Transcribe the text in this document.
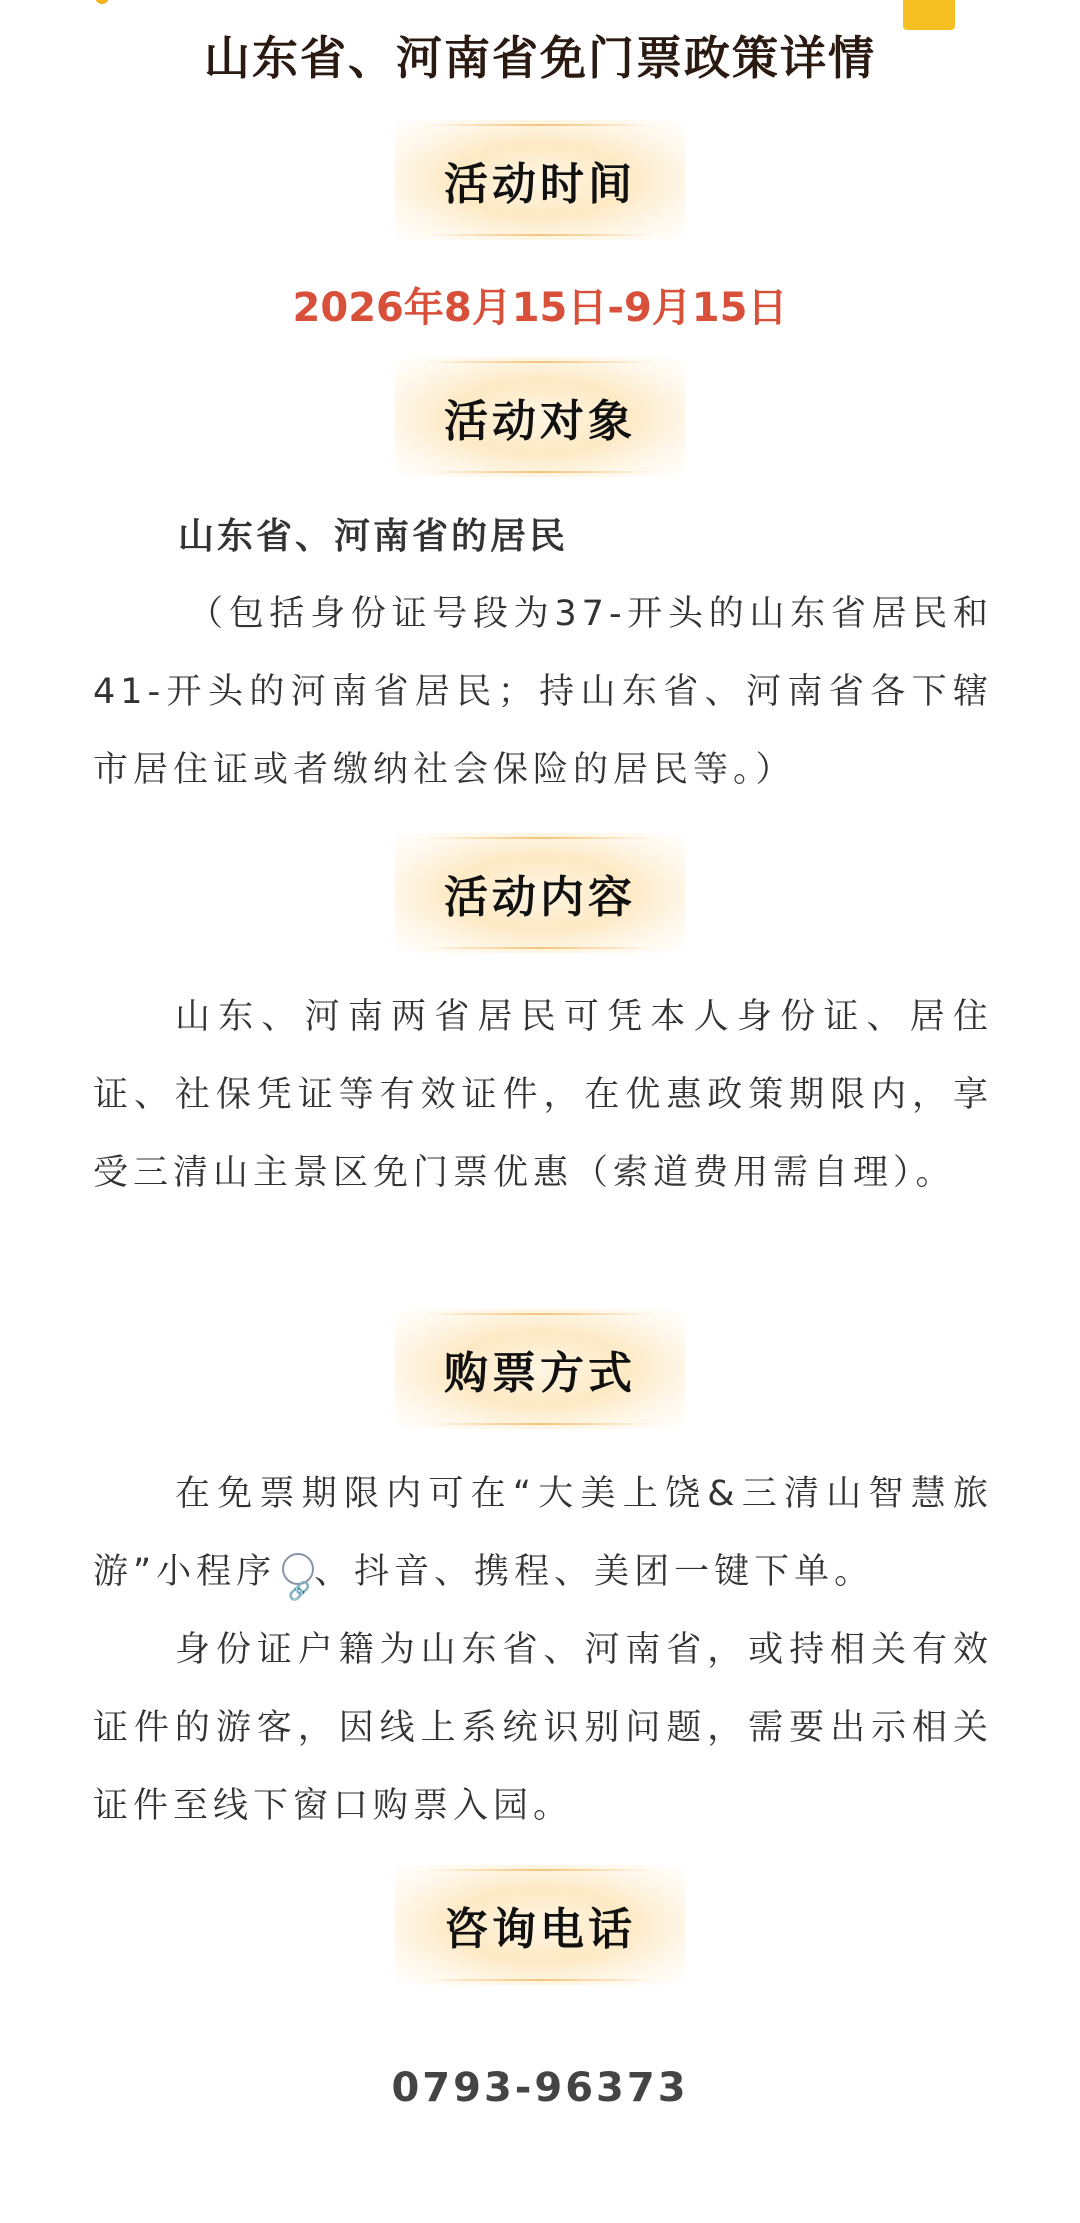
山东省、河南省免门票政策详情
活动时间
2026年8月15日-9月15日
活动对象
山东省、河南省的居民

（包括身份证号段为37-开头的山东省居民和41-开头的河南省居民；持山东省、河南省各下辖市居住证或者缴纳社会保险的居民等。）

活动内容

山东、河南两省居民可凭本人身份证、居住证、社保凭证等有效证件，在优惠政策期限内，享受三清山主景区免门票优惠（索道费用需自理）。

购票方式

在免票期限内可在“大美上饶&三清山智慧旅游”小程序🔗 、抖音、携程、美团一键下单。

身份证户籍为山东省、河南省，或持相关有效证件的游客，因线上系统识别问题，需要出示相关证件至线下窗口购票入园。

咨询电话
0793-96373
